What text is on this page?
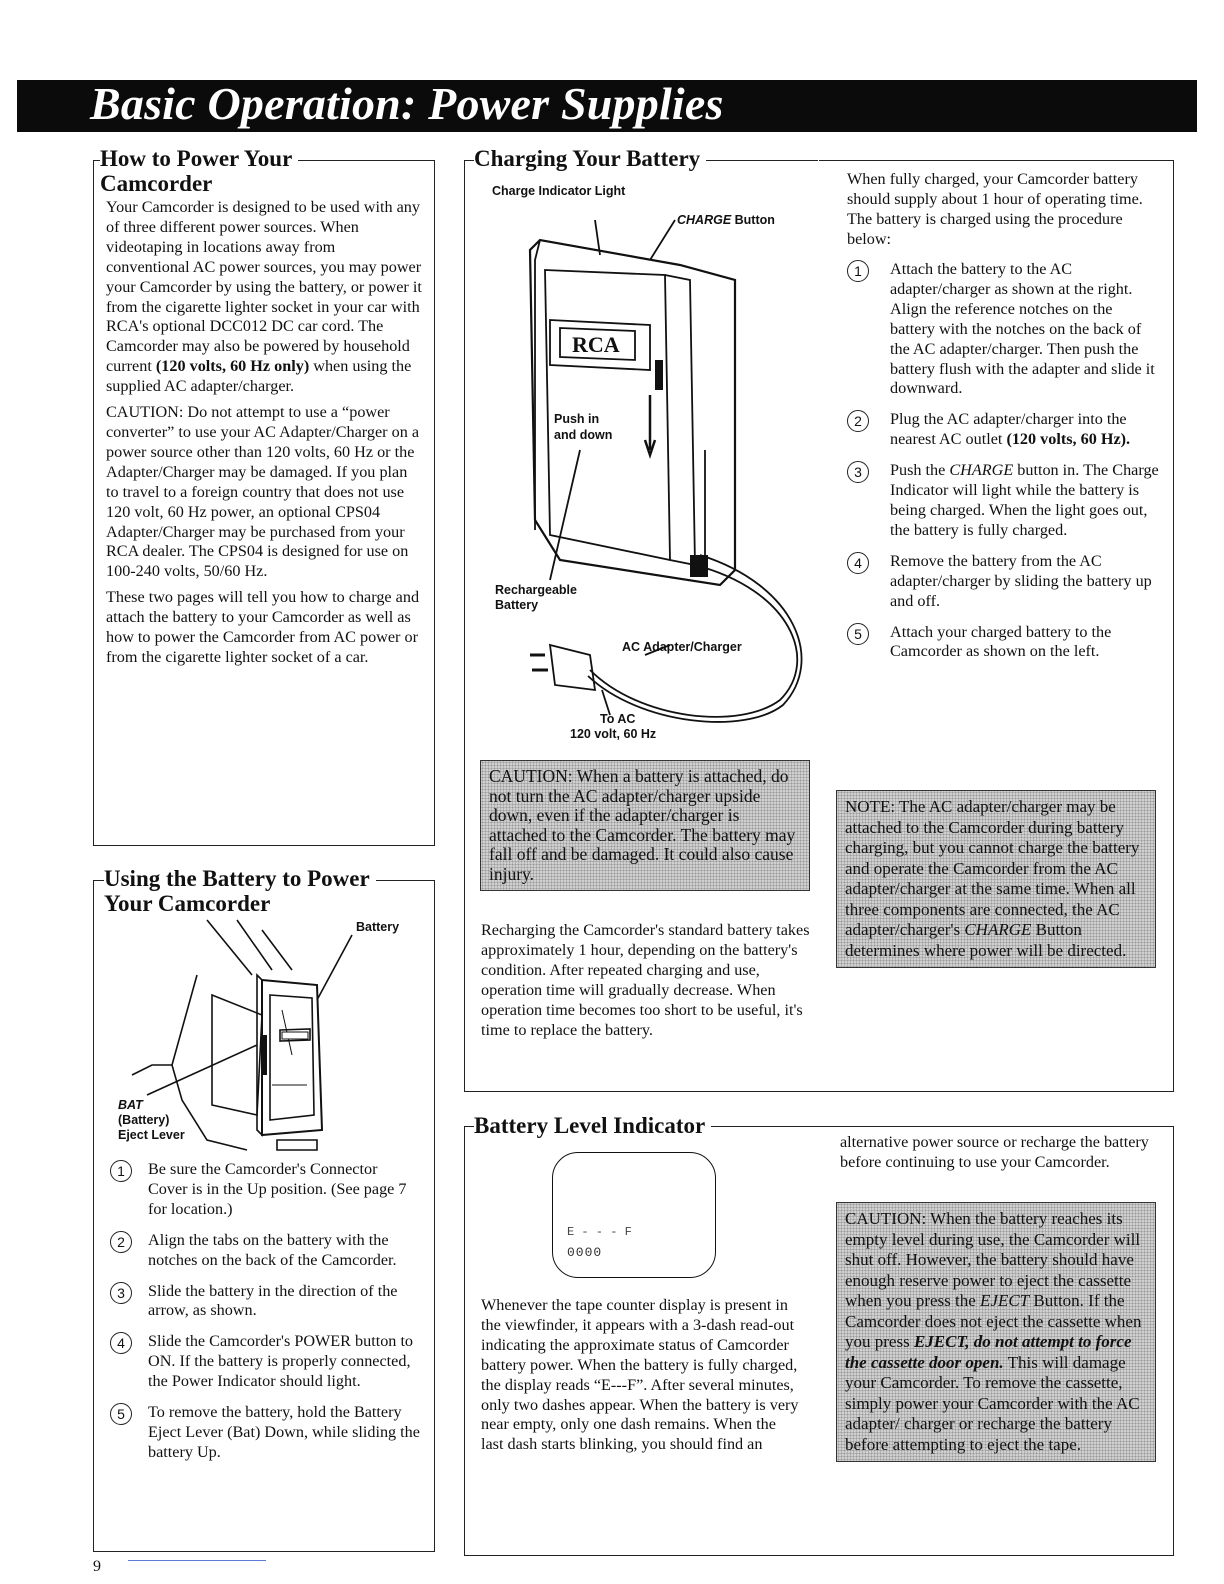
Basic Operation: Power Supplies
How to Power Your
Camcorder

Your Camcorder is designed to be used with any of three different power sources. When videotaping in locations away from conventional AC power sources, you may power your Camcorder by using the battery, or power it from the cigarette lighter socket in your car with RCA's optional DCC012 DC car cord. The Camcorder may also be powered by household current (120 volts, 60 Hz only) when using the supplied AC adapter/charger.

CAUTION: Do not attempt to use a “power converter” to use your AC Adapter/Charger on a power source other than 120 volts, 60 Hz or the Adapter/Charger may be damaged. If you plan to travel to a foreign country that does not use 120 volt, 60 Hz power, an optional CPS04 Adapter/Charger may be purchased from your RCA dealer. The CPS04 is designed for use on 100-240 volts, 50/60 Hz.

These two pages will tell you how to charge and attach the battery to your Camcorder as well as how to power the Camcorder from AC power or from the cigarette lighter socket of a car.

Using the Battery to Power
Your Camcorder
Battery
BAT
(Battery)
Eject Lever
1	Be sure the Camcorder's Connector Cover is in the Up position. (See page 7 for location.)
2	Align the tabs on the battery with the notches on the back of the Camcorder.
3	Slide the battery in the direction of the arrow, as shown.
4	Slide the Camcorder's POWER button to ON. If the battery is properly connected, the Power Indicator should light.
5	To remove the battery, hold the Battery Eject Lever (Bat) Down, while sliding the battery Up.
9
Charging Your Battery
RCA
Charge Indicator Light
CHARGE Button
Push in
and down
Rechargeable
Battery
AC Adapter/Charger
To AC
120 volt, 60 Hz
CAUTION: When a battery is attached, do not turn the AC adapter/charger upside down, even if the adapter/charger is attached to the Camcorder. The battery may fall off and be damaged. It could also cause injury.
Recharging the Camcorder's standard battery takes approximately 1 hour, depending on the battery's condition. After repeated charging and use, operation time will gradually decrease. When operation time becomes too short to be useful, it's time to replace the battery.
When fully charged, your Camcorder battery should supply about 1 hour of operating time. The battery is charged using the procedure below:
1	Attach the battery to the AC adapter/charger as shown at the right. Align the reference notches on the battery with the notches on the back of the AC adapter/charger. Then push the battery flush with the adapter and slide it downward.
2	Plug the AC adapter/charger into the nearest AC outlet (120 volts, 60 Hz).
3	Push the CHARGE button in. The Charge Indicator will light while the battery is being charged. When the light goes out, the battery is fully charged.
4	Remove the battery from the AC adapter/charger by sliding the battery up and off.
5	Attach your charged battery to the Camcorder as shown on the left.
NOTE: The AC adapter/charger may be attached to the Camcorder during battery charging, but you cannot charge the battery and operate the Camcorder from the AC adapter/charger at the same time. When all three components are connected, the AC adapter/charger's CHARGE Button determines where power will be directed.
Battery Level Indicator
E - - - F
0000
Whenever the tape counter display is present in the viewfinder, it appears with a 3-dash read-out indicating the approximate status of Camcorder battery power. When the battery is fully charged, the display reads “E---F”. After several minutes, only two dashes appear. When the battery is very near empty, only one dash remains. When the last dash starts blinking, you should find an
alternative power source or recharge the battery before continuing to use your Camcorder.
CAUTION: When the battery reaches its empty level during use, the Camcorder will shut off. However, the battery should have enough reserve power to eject the cassette when you press the EJECT Button. If the Camcorder does not eject the cassette when you press EJECT, do not attempt to force the cassette door open. This will damage your Camcorder. To remove the cassette, simply power your Camcorder with the AC adapter/ charger or recharge the battery before attempting to eject the tape.
